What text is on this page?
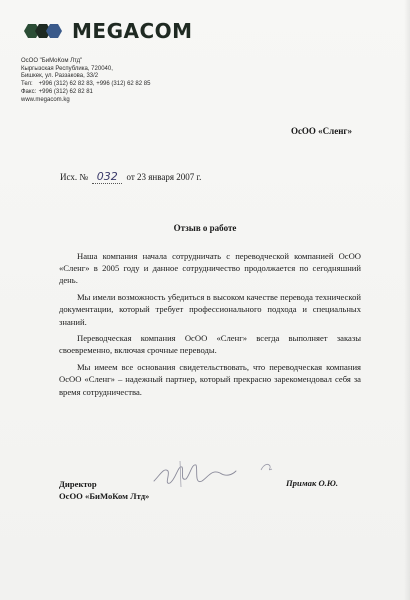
MEGACOM
ОсОО "БиМоКом Лтд"
Кыргызская Республика, 720040,
Бишкек, ул. Раззакова, 33/2
Тел: +996 (312) 62 82 83, +996 (312) 62 82 85
Факс: +996 (312) 62 82 81
www.megacom.kg
ОсОО «Сленг»
Исх. № 032 от 23 января 2007 г.
Отзыв о работе

Наша компания начала сотрудничать с переводческой компанией ОсОО «Сленг» в 2005 году и данное сотрудничество продолжается по сегодняшний день.

Мы имели возможность убедиться в высоком качестве перевода технической документации, который требует профессионального подхода и специальных знаний.

Переводческая компания ОсОО «Сленг» всегда выполняет заказы своевременно, включая срочные переводы.

Мы имеем все основания свидетельствовать, что переводческая компания ОсОО «Сленг» – надежный партнер, который прекрасно зарекомендовал себя за время сотрудничества.

Директор
ОсОО «БиМоКом Лтд»
Примак О.Ю.
